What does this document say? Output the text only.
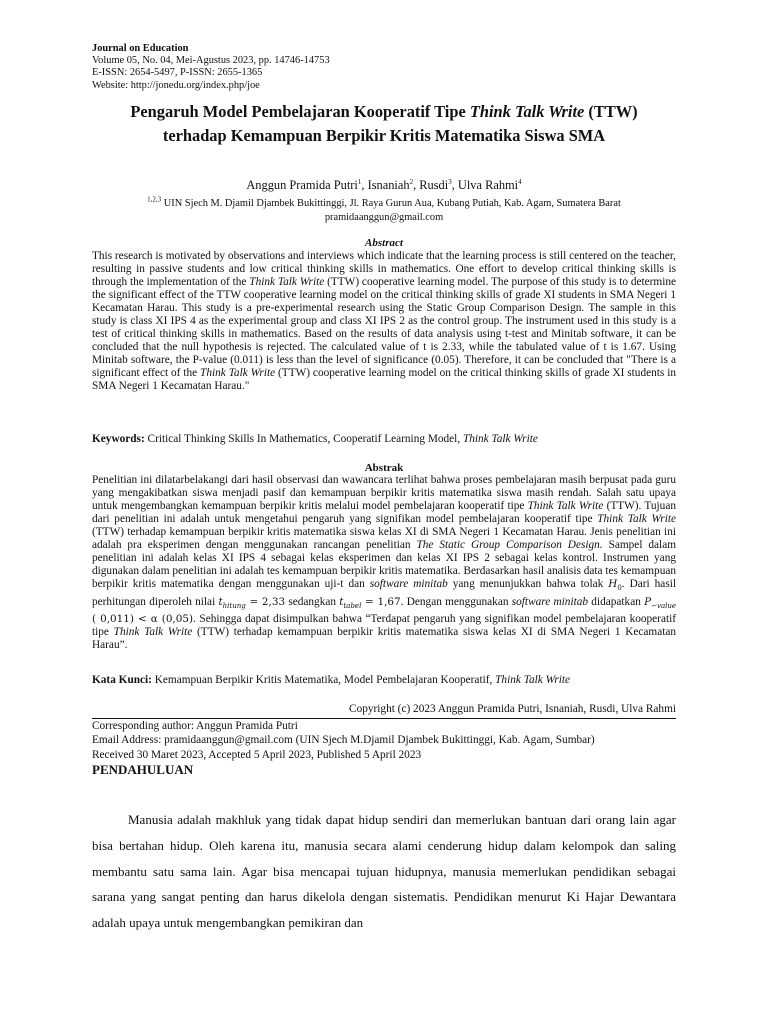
Journal on Education
Volume 05, No. 04, Mei-Agustus 2023, pp. 14746-14753
E-ISSN: 2654-5497, P-ISSN: 2655-1365
Website: http://jonedu.org/index.php/joe
Pengaruh Model Pembelajaran Kooperatif Tipe Think Talk Write (TTW)
terhadap Kemampuan Berpikir Kritis Matematika Siswa SMA
Anggun Pramida Putri$^1$, Isnaniah$^2$, Rusdi$^3$, Ulva Rahmi$^4$
$^{1,2,3}$ UIN Sjech M. Djamil Djambek Bukittinggi, Jl. Raya Gurun Aua, Kubang Putiah, Kab. Agam, Sumatera Barat
pramidaanggun@gmail.com
Abstract
This research is motivated by observations and interviews which indicate that the learning process is still centered on the teacher, resulting in passive students and low critical thinking skills in mathematics. One effort to develop critical thinking skills is through the implementation of the Think Talk Write (TTW) cooperative learning model. The purpose of this study is to determine the significant effect of the TTW cooperative learning model on the critical thinking skills of grade XI students in SMA Negeri 1 Kecamatan Harau. This study is a pre-experimental research using the Static Group Comparison Design. The sample in this study is class XI IPS 4 as the experimental group and class XI IPS 2 as the control group. The instrument used in this study is a test of critical thinking skills in mathematics. Based on the results of data analysis using t-test and Minitab software, it can be concluded that the null hypothesis is rejected. The calculated value of t is 2.33, while the tabulated value of t is 1.67. Using Minitab software, the P-value (0.011) is less than the level of significance (0.05). Therefore, it can be concluded that "There is a significant effect of the Think Talk Write (TTW) cooperative learning model on the critical thinking skills of grade XI students in SMA Negeri 1 Kecamatan Harau."
Keywords: Critical Thinking Skills In Mathematics, Cooperatif Learning Model, Think Talk Write
Abstrak
Penelitian ini dilatarbelakangi dari hasil observasi dan wawancara terlihat bahwa proses pembelajaran masih berpusat pada guru yang mengakibatkan siswa menjadi pasif dan kemampuan berpikir kritis matematika siswa masih rendah. Salah satu upaya untuk mengembangkan kemampuan berpikir kritis melalui model pembelajaran kooperatif tipe Think Talk Write (TTW). Tujuan dari penelitian ini adalah untuk mengetahui pengaruh yang signifikan model pembelajaran kooperatif tipe Think Talk Write (TTW) terhadap kemampuan berpikir kritis matematika siswa kelas XI di SMA Negeri 1 Kecamatan Harau. Jenis penelitian ini adalah pra eksperimen dengan menggunakan rancangan penelitian The Static Group Comparison Design. Sampel dalam penelitian ini adalah kelas XI IPS 4 sebagai kelas eksperimen dan kelas XI IPS 2 sebagai kelas kontrol. Instrumen yang digunakan dalam penelitian ini adalah tes kemampuan berpikir kritis matematika. Berdasarkan hasil analisis data tes kemampuan berpikir kritis matematika dengan menggunakan uji-t dan software minitab yang menunjukkan bahwa tolak $H_0$. Dari hasil perhitungan diperoleh nilai $t_{hitung} = 2,33$ sedangkan $t_{tabel} = 1,67$. Dengan menggunakan software minitab didapatkan $P_{-value}$ ( 0,011) < α (0,05). Sehingga dapat disimpulkan bahwa “Terdapat pengaruh yang signifikan model pembelajaran kooperatif tipe Think Talk Write (TTW) terhadap kemampuan berpikir kritis matematika siswa kelas XI di SMA Negeri 1 Kecamatan Harau”.
Kata Kunci: Kemampuan Berpikir Kritis Matematika, Model Pembelajaran Kooperatif, Think Talk Write
Copyright (c) 2023 Anggun Pramida Putri, Isnaniah, Rusdi, Ulva Rahmi
Corresponding author: Anggun Pramida Putri
Email Address: pramidaanggun@gmail.com (UIN Sjech M.Djamil Djambek Bukittinggi, Kab. Agam, Sumbar)
Received 30 Maret 2023, Accepted 5 April 2023, Published 5 April 2023
PENDAHULUAN
Manusia adalah makhluk yang tidak dapat hidup sendiri dan memerlukan bantuan dari orang lain agar bisa bertahan hidup. Oleh karena itu, manusia secara alami cenderung hidup dalam kelompok dan saling membantu satu sama lain. Agar bisa mencapai tujuan hidupnya, manusia memerlukan pendidikan sebagai sarana yang sangat penting dan harus dikelola dengan sistematis. Pendidikan menurut Ki Hajar Dewantara adalah upaya untuk mengembangkan pemikiran dan
